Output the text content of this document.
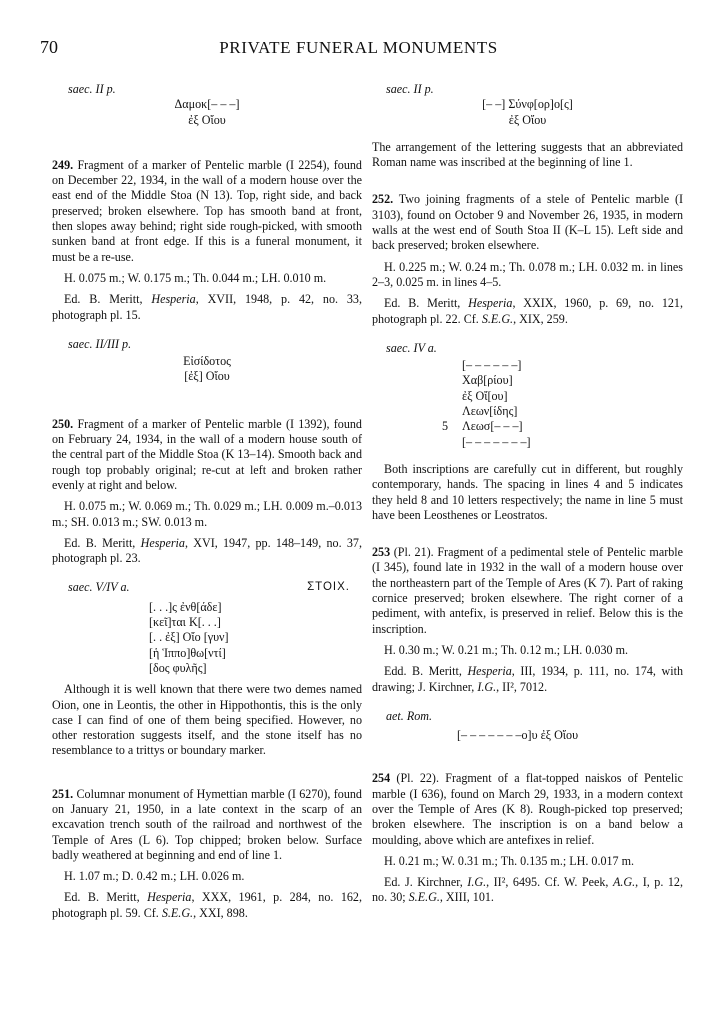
70	PRIVATE FUNERAL MONUMENTS
saec. II p.
Δαμοκ[– – –]
ἐξ Οἴου

249. Fragment of a marker of Pentelic marble (I 2254), found on December 22, 1934, in the wall of a modern house over the east end of the Middle Stoa (N 13). Top, right side, and back preserved; broken elsewhere. Top has smooth band at front, then slopes away behind; right side rough-picked, with smooth sunken band at front edge. If this is a funeral monument, it must be a re-use.

H. 0.075 m.; W. 0.175 m.; Th. 0.044 m.; LH. 0.010 m.

Ed. B. Meritt, Hesperia, XVII, 1948, p. 42, no. 33, photograph pl. 15.

saec. II/III p.
Εἰσίδοτος
[ἐξ] Οἴου

250. Fragment of a marker of Pentelic marble (I 1392), found on February 24, 1934, in the wall of a modern house south of the central part of the Middle Stoa (K 13–14). Smooth back and rough top probably original; re-cut at left and broken rather evenly at right and below.

H. 0.075 m.; W. 0.069 m.; Th. 0.029 m.; LH. 0.009 m.–0.013 m.; SH. 0.013 m.; SW. 0.013 m.

Ed. B. Meritt, Hesperia, XVI, 1947, pp. 148–149, no. 37, photograph pl. 23.

saec. V/IV a.	ΣΤΟΙΧ.
[. . .]ς ἐνθ[άδε]
[κεῖ]ται Κ[. . .]
[. . ἐξ] Οἴο [γυν]
[ἡ Ἱππο]θω[ντί]
[δος φυλῆς]

Although it is well known that there were two demes named Oion, one in Leontis, the other in Hippothontis, this is the only case I can find of one of them being specified. However, no other restoration suggests itself, and the stone itself has no resemblance to a trittys or boundary marker.

251. Columnar monument of Hymettian marble (I 6270), found on January 21, 1950, in a late context in the scarp of an excavation trench south of the railroad and northwest of the Temple of Ares (L 6). Top chipped; broken below. Surface badly weathered at beginning and end of line 1.

H. 1.07 m.; D. 0.42 m.; LH. 0.026 m.

Ed. B. Meritt, Hesperia, XXX, 1961, p. 284, no. 162, photograph pl. 59. Cf. S.E.G., XXI, 898.

saec. II p.
[– –] Σύνφ[ορ]ο[ς]
ἐξ Οἴου

The arrangement of the lettering suggests that an abbreviated Roman name was inscribed at the beginning of line 1.

252. Two joining fragments of a stele of Pentelic marble (I 3103), found on October 9 and November 26, 1935, in modern walls at the west end of South Stoa II (K–L 15). Left side and back preserved; broken elsewhere.

H. 0.225 m.; W. 0.24 m.; Th. 0.078 m.; LH. 0.032 m. in lines 2–3, 0.025 m. in lines 4–5.

Ed. B. Meritt, Hesperia, XXIX, 1960, p. 69, no. 121, photograph pl. 22. Cf. S.E.G., XIX, 259.

saec. IV a.
[– – – – – –]
Χαβ[ρίου]
ἐξ Οἴ[ου]
Λεων[ίδης]
5 Λεωσ[– – –]
[– – – – – – –]

Both inscriptions are carefully cut in different, but roughly contemporary, hands. The spacing in lines 4 and 5 indicates they held 8 and 10 letters respectively; the name in line 5 must have been Leosthenes or Leostratos.

253 (Pl. 21). Fragment of a pedimental stele of Pentelic marble (I 345), found late in 1932 in the wall of a modern house over the northeastern part of the Temple of Ares (K 7). Part of raking cornice preserved; broken elsewhere. The right corner of a pediment, with antefix, is preserved in relief. Below this is the inscription.

H. 0.30 m.; W. 0.21 m.; Th. 0.12 m.; LH. 0.030 m.

Edd. B. Meritt, Hesperia, III, 1934, p. 111, no. 174, with drawing; J. Kirchner, I.G., II², 7012.

aet. Rom.
[– – – – – – –ο]υ ἐξ Οἴου

254 (Pl. 22). Fragment of a flat-topped naiskos of Pentelic marble (I 636), found on March 29, 1933, in a modern context over the Temple of Ares (K 8). Rough-picked top preserved; broken elsewhere. The inscription is on a band below a moulding, above which are antefixes in relief.

H. 0.21 m.; W. 0.31 m.; Th. 0.135 m.; LH. 0.017 m.

Ed. J. Kirchner, I.G., II², 6495. Cf. W. Peek, A.G., I, p. 12, no. 30; S.E.G., XIII, 101.
